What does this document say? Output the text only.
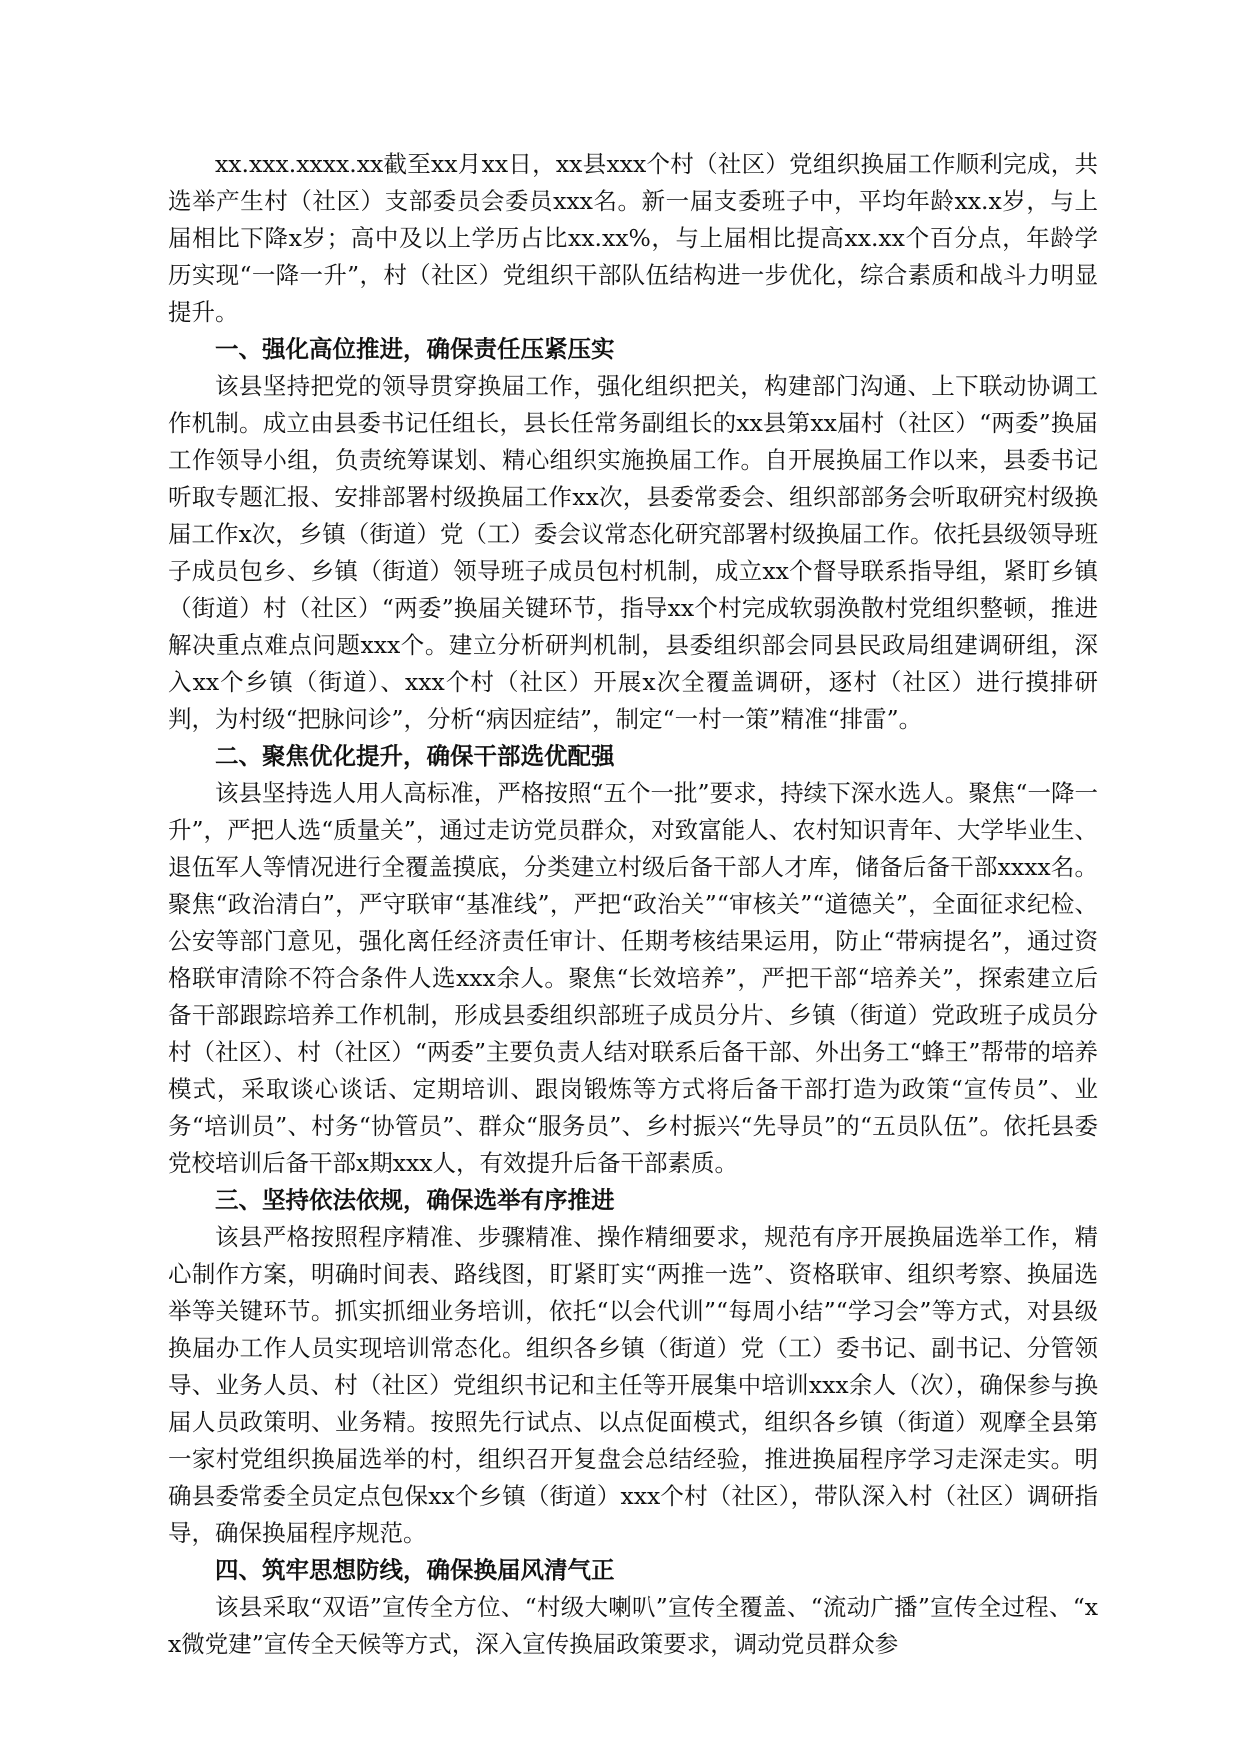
xx.xxx.xxxx.xx截至xx月xx日，xx县xxx个村（社区）党组织换届工作顺利完成，共选举产生村（社区）支部委员会委员xxx名。新一届支委班子中，平均年龄xx.x岁，与上届相比下降x岁；高中及以上学历占比xx.xx%，与上届相比提高xx.xx个百分点，年龄学历实现“一降一升”，村（社区）党组织干部队伍结构进一步优化，综合素质和战斗力明显提升。

一、强化高位推进，确保责任压紧压实

该县坚持把党的领导贯穿换届工作，强化组织把关，构建部门沟通、上下联动协调工作机制。成立由县委书记任组长，县长任常务副组长的xx县第xx届村（社区）“两委”换届工作领导小组，负责统筹谋划、精心组织实施换届工作。自开展换届工作以来，县委书记听取专题汇报、安排部署村级换届工作xx次，县委常委会、组织部部务会听取研究村级换届工作x次，乡镇（街道）党（工）委会议常态化研究部署村级换届工作。依托县级领导班子成员包乡、乡镇（街道）领导班子成员包村机制，成立xx个督导联系指导组，紧盯乡镇（街道）村（社区）“两委”换届关键环节，指导xx个村完成软弱涣散村党组织整顿，推进解决重点难点问题xxx个。建立分析研判机制，县委组织部会同县民政局组建调研组，深入xx个乡镇（街道）、xxx个村（社区）开展x次全覆盖调研，逐村（社区）进行摸排研判，为村级“把脉问诊”，分析“病因症结”，制定“一村一策”精准“排雷”。

二、聚焦优化提升，确保干部选优配强

该县坚持选人用人高标准，严格按照“五个一批”要求，持续下深水选人。聚焦“一降一升”，严把人选“质量关”，通过走访党员群众，对致富能人、农村知识青年、大学毕业生、退伍军人等情况进行全覆盖摸底，分类建立村级后备干部人才库，储备后备干部xxxx名。聚焦“政治清白”，严守联审“基准线”，严把“政治关”“审核关”“道德关”，全面征求纪检、公安等部门意见，强化离任经济责任审计、任期考核结果运用，防止“带病提名”，通过资格联审清除不符合条件人选xxx余人。聚焦“长效培养”，严把干部“培养关”，探索建立后备干部跟踪培养工作机制，形成县委组织部班子成员分片、乡镇（街道）党政班子成员分村（社区）、村（社区）“两委”主要负责人结对联系后备干部、外出务工“蜂王”帮带的培养模式，采取谈心谈话、定期培训、跟岗锻炼等方式将后备干部打造为政策“宣传员”、业务“培训员”、村务“协管员”、群众“服务员”、乡村振兴“先导员”的“五员队伍”。依托县委党校培训后备干部x期xxx人，有效提升后备干部素质。

三、坚持依法依规，确保选举有序推进

该县严格按照程序精准、步骤精准、操作精细要求，规范有序开展换届选举工作，精心制作方案，明确时间表、路线图，盯紧盯实“两推一选”、资格联审、组织考察、换届选举等关键环节。抓实抓细业务培训，依托“以会代训”“每周小结”“学习会”等方式，对县级换届办工作人员实现培训常态化。组织各乡镇（街道）党（工）委书记、副书记、分管领导、业务人员、村（社区）党组织书记和主任等开展集中培训xxx余人（次），确保参与换届人员政策明、业务精。按照先行试点、以点促面模式，组织各乡镇（街道）观摩全县第一家村党组织换届选举的村，组织召开复盘会总结经验，推进换届程序学习走深走实。明确县委常委全员定点包保xx个乡镇（街道）xxx个村（社区），带队深入村（社区）调研指导，确保换届程序规范。

四、筑牢思想防线，确保换届风清气正

该县采取“双语”宣传全方位、“村级大喇叭”宣传全覆盖、“流动广播”宣传全过程、“xx微党建”宣传全天候等方式，深入宣传换届政策要求，调动党员群众参
